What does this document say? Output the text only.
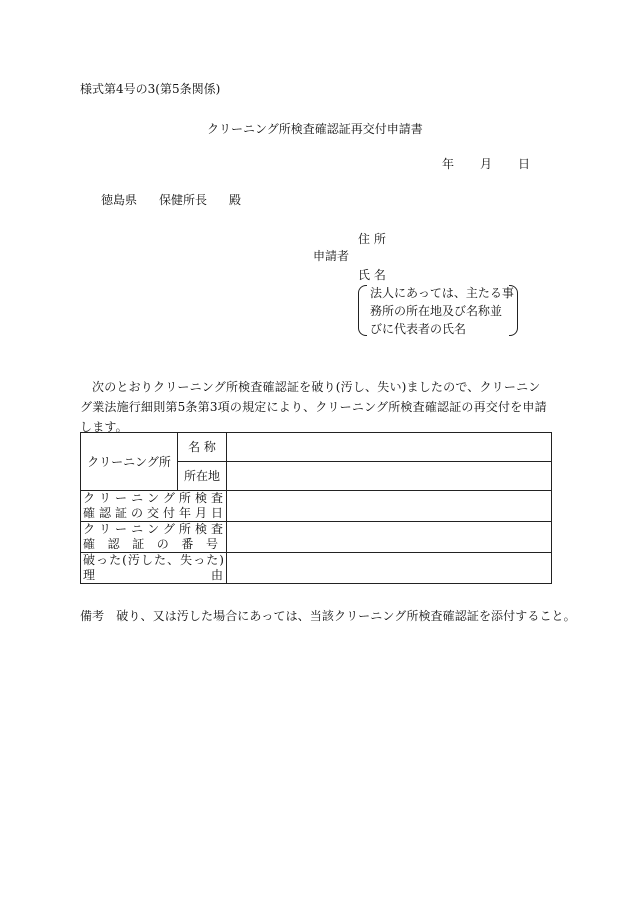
様式第4号の3(第5条関係)
クリーニング所検査確認証再交付申請書
年 月 日
徳島県 保健所長 殿
住 所
申請者
氏 名
法人にあっては、主たる事
務所の所在地及び名称並
びに代表者の氏名
次のとおりクリーニング所検査確認証を破り(汚し、失い)ましたので、クリーニング業法施行細則第5条第3項の規定により、クリーニング所検査確認証の再交付を申請します。
クリーニング所	名 称	
	所在地	

クリーニング所検査
確認証の交付年月日		

クリーニング所検査
確認証の番号		

破った(汚した、失った)
理由		

備考　破り、又は汚した場合にあっては、当該クリーニング所検査確認証を添付すること。
